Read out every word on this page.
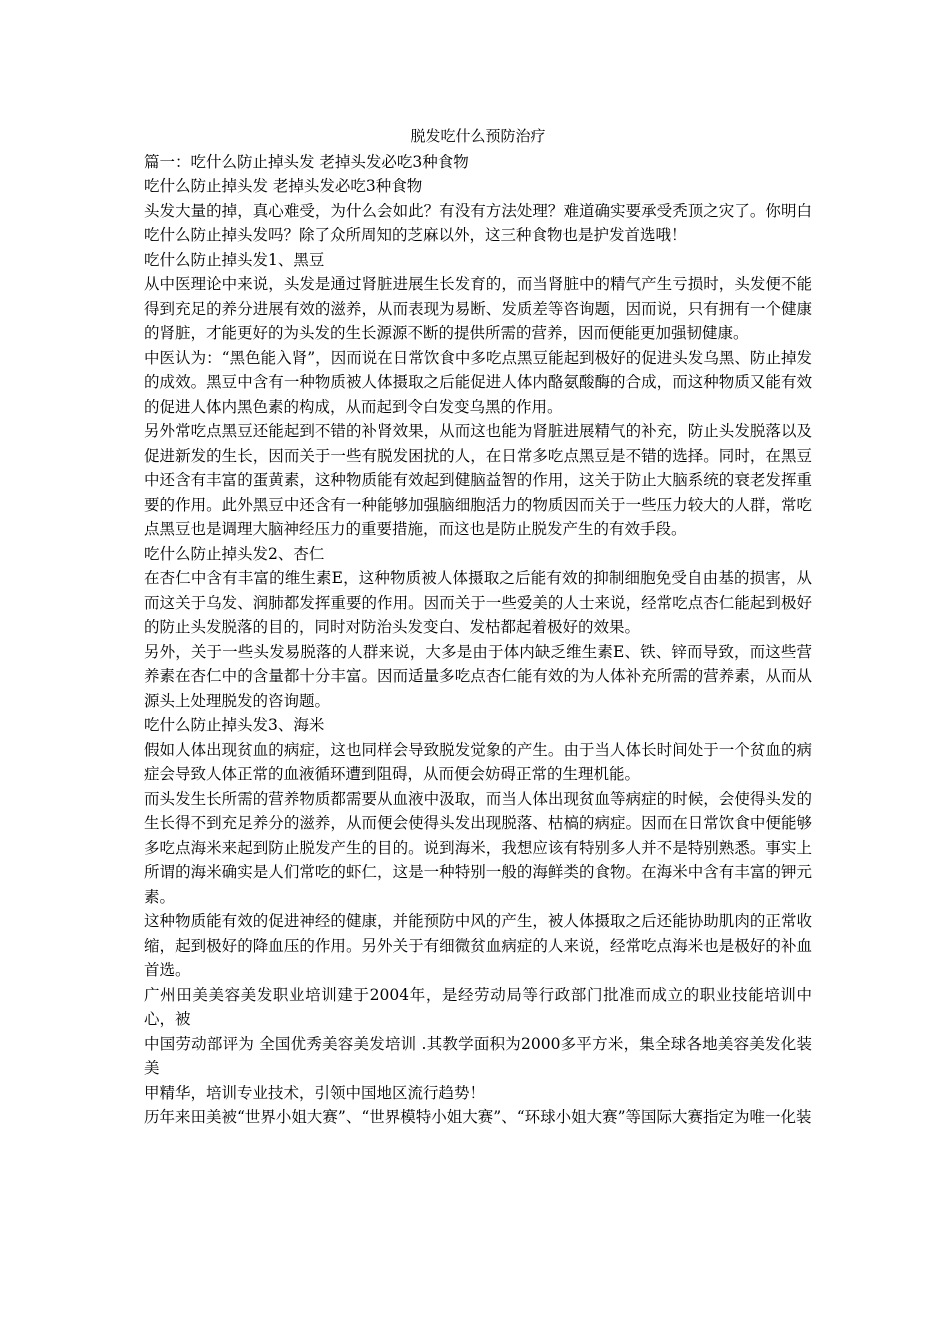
脱发吃什么预防治疗

篇一：吃什么防止掉头发 老掉头发必吃3种食物

吃什么防止掉头发 老掉头发必吃3种食物

头发大量的掉，真心难受，为什么会如此？有没有方法处理？难道确实要承受秃顶之灾了。你明白吃什么防止掉头发吗？除了众所周知的芝麻以外，这三种食物也是护发首选哦！

吃什么防止掉头发1、黑豆

从中医理论中来说，头发是通过肾脏进展生长发育的，而当肾脏中的精气产生亏损时，头发便不能得到充足的养分进展有效的滋养，从而表现为易断、发质差等咨询题，因而说，只有拥有一个健康的肾脏，才能更好的为头发的生长源源不断的提供所需的营养，因而便能更加强韧健康。

中医认为：“黑色能入肾”，因而说在日常饮食中多吃点黑豆能起到极好的促进头发乌黑、防止掉发的成效。黑豆中含有一种物质被人体摄取之后能促进人体内酪氨酸酶的合成，而这种物质又能有效的促进人体内黑色素的构成，从而起到令白发变乌黑的作用。

另外常吃点黑豆还能起到不错的补肾效果，从而这也能为肾脏进展精气的补充，防止头发脱落以及促进新发的生长，因而关于一些有脱发困扰的人，在日常多吃点黑豆是不错的选择。同时，在黑豆中还含有丰富的蛋黄素，这种物质能有效起到健脑益智的作用，这关于防止大脑系统的衰老发挥重要的作用。此外黑豆中还含有一种能够加强脑细胞活力的物质因而关于一些压力较大的人群，常吃点黑豆也是调理大脑神经压力的重要措施，而这也是防止脱发产生的有效手段。

吃什么防止掉头发2、杏仁

在杏仁中含有丰富的维生素E，这种物质被人体摄取之后能有效的抑制细胞免受自由基的损害，从而这关于乌发、润肺都发挥重要的作用。因而关于一些爱美的人士来说，经常吃点杏仁能起到极好的防止头发脱落的目的，同时对防治头发变白、发枯都起着极好的效果。

另外，关于一些头发易脱落的人群来说，大多是由于体内缺乏维生素E、铁、锌而导致，而这些营养素在杏仁中的含量都十分丰富。因而适量多吃点杏仁能有效的为人体补充所需的营养素，从而从源头上处理脱发的咨询题。

吃什么防止掉头发3、海米

假如人体出现贫血的病症，这也同样会导致脱发觉象的产生。由于当人体长时间处于一个贫血的病症会导致人体正常的血液循环遭到阻碍，从而便会妨碍正常的生理机能。

而头发生长所需的营养物质都需要从血液中汲取，而当人体出现贫血等病症的时候，会使得头发的生长得不到充足养分的滋养，从而便会使得头发出现脱落、枯槁的病症。因而在日常饮食中便能够多吃点海米来起到防止脱发产生的目的。说到海米，我想应该有特别多人并不是特别熟悉。事实上所谓的海米确实是人们常吃的虾仁，这是一种特别一般的海鲜类的食物。在海米中含有丰富的钾元素。

这种物质能有效的促进神经的健康，并能预防中风的产生，被人体摄取之后还能协助肌肉的正常收缩，起到极好的降血压的作用。另外关于有细微贫血病症的人来说，经常吃点海米也是极好的补血首选。

广州田美美容美发职业培训建于2004年，是经劳动局等行政部门批准而成立的职业技能培训中心，被

中国劳动部评为 全国优秀美容美发培训 .其教学面积为2000多平方米，集全球各地美容美发化装美

甲精华，培训专业技术，引领中国地区流行趋势！

历年来田美被“世界小姐大赛”、“世界模特小姐大赛”、“环球小姐大赛”等国际大赛指定为唯一化装
